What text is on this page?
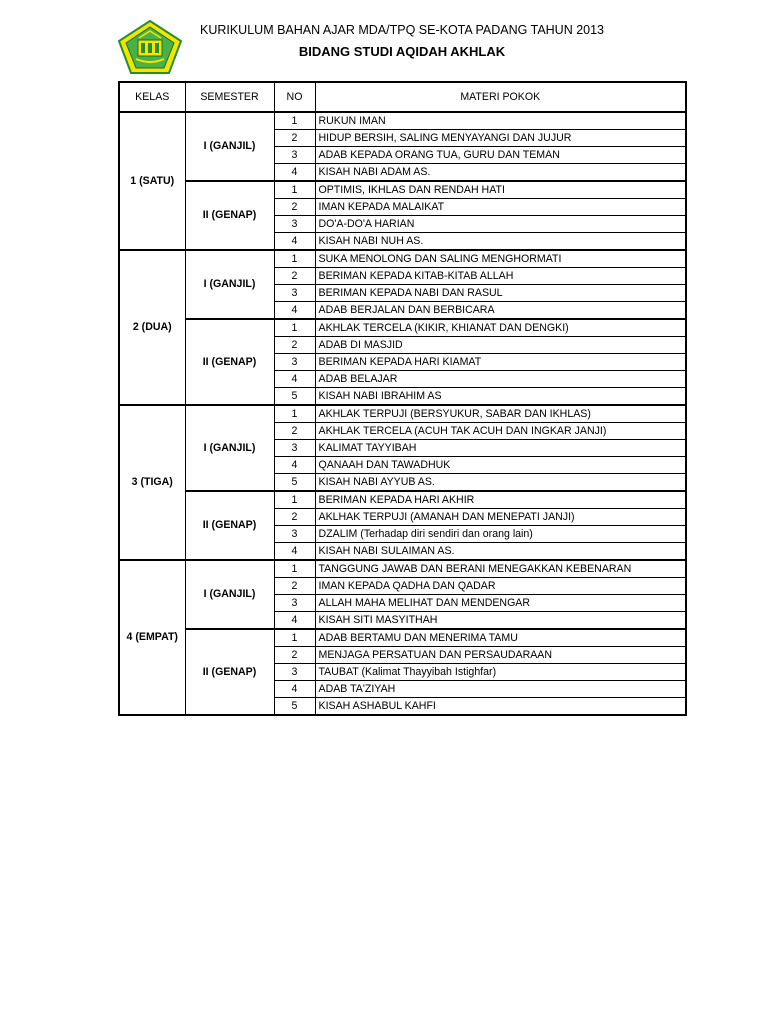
KURIKULUM BAHAN AJAR MDA/TPQ SE-KOTA PADANG TAHUN 2013
BIDANG STUDI AQIDAH AKHLAK
KELAS	SEMESTER	NO	MATERI POKOK
1 (SATU)	I (GANJIL)	1	RUKUN IMAN
		2	HIDUP BERSIH, SALING MENYAYANGI DAN JUJUR
		3	ADAB KEPADA ORANG TUA, GURU DAN TEMAN
		4	KISAH NABI ADAM AS.
	II (GENAP)	1	OPTIMIS, IKHLAS DAN RENDAH HATI
		2	IMAN KEPADA MALAIKAT
		3	DO'A-DO'A HARIAN
		4	KISAH NABI NUH AS.
2 (DUA)	I (GANJIL)	1	SUKA MENOLONG DAN SALING MENGHORMATI
		2	BERIMAN KEPADA KITAB-KITAB ALLAH
		3	BERIMAN KEPADA NABI DAN RASUL
		4	ADAB BERJALAN DAN BERBICARA
	II (GENAP)	1	AKHLAK TERCELA (KIKIR, KHIANAT DAN DENGKI)
		2	ADAB DI MASJID
		3	BERIMAN KEPADA HARI KIAMAT
		4	ADAB BELAJAR
		5	KISAH NABI IBRAHIM AS
3 (TIGA)	I (GANJIL)	1	AKHLAK TERPUJI (BERSYUKUR, SABAR DAN IKHLAS)
		2	AKHLAK TERCELA (ACUH TAK ACUH DAN INGKAR JANJI)
		3	KALIMAT TAYYIBAH
		4	QANAAH DAN TAWADHUK
		5	KISAH NABI AYYUB AS.
	II (GENAP)	1	BERIMAN KEPADA HARI AKHIR
		2	AKLHAK TERPUJI (AMANAH DAN MENEPATI JANJI)
		3	DZALIM (Terhadap diri sendiri dan orang lain)
		4	KISAH NABI SULAIMAN AS.
4 (EMPAT)	I (GANJIL)	1	TANGGUNG JAWAB DAN BERANI MENEGAKKAN KEBENARAN
		2	IMAN KEPADA QADHA DAN QADAR
		3	ALLAH MAHA MELIHAT DAN MENDENGAR
		4	KISAH SITI MASYITHAH
	II (GENAP)	1	ADAB BERTAMU DAN MENERIMA TAMU
		2	MENJAGA PERSATUAN DAN PERSAUDARAAN
		3	TAUBAT (Kalimat Thayyibah Istighfar)
		4	ADAB TA'ZIYAH
		5	KISAH ASHABUL KAHFI
